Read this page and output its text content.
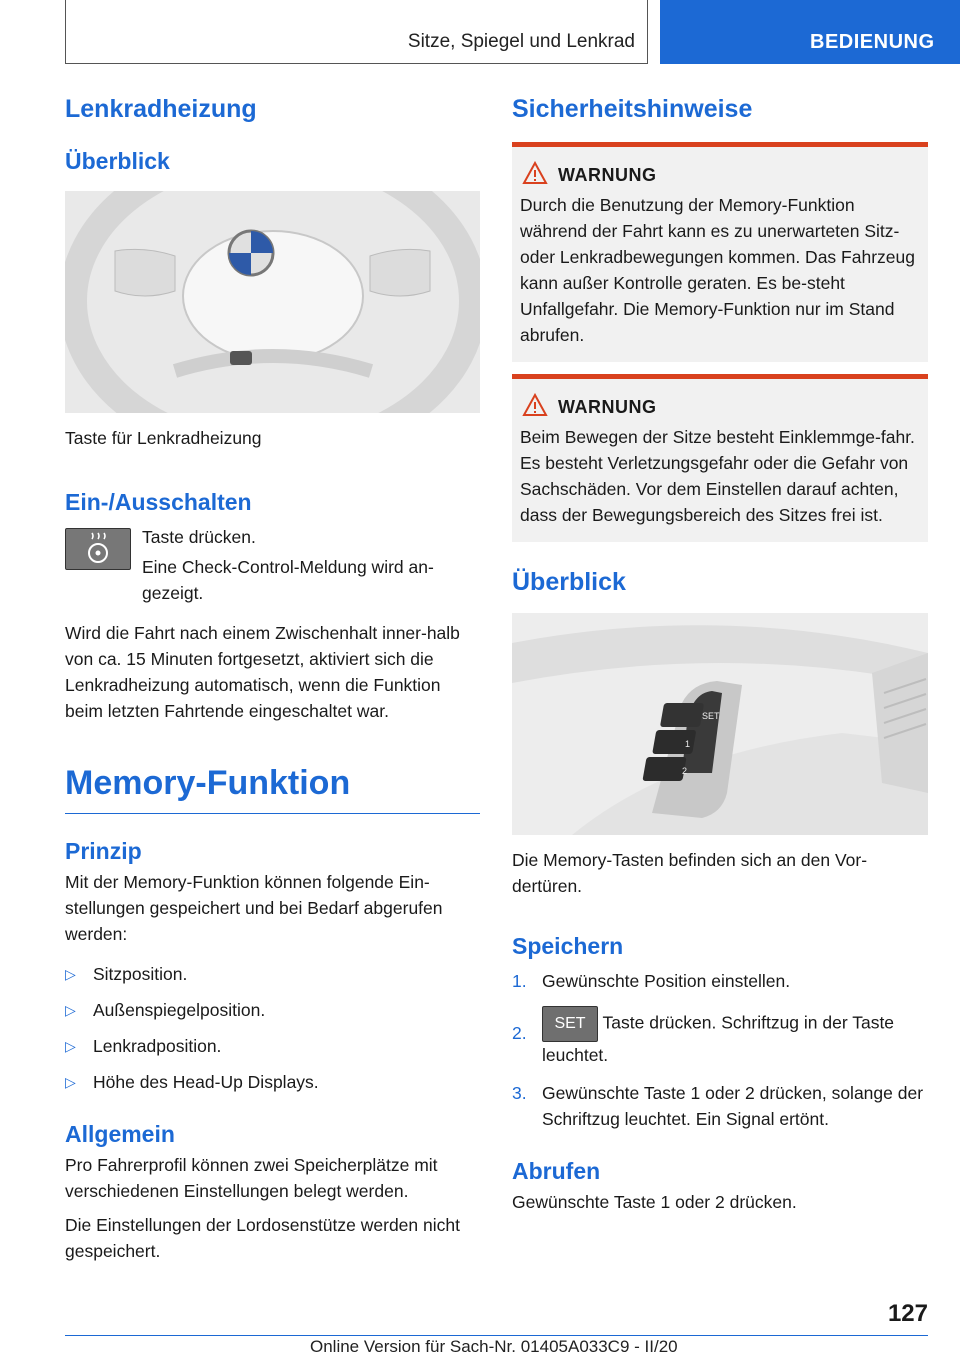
Sitze, Spiegel und Lenkrad	BEDIENUNG
Lenkradheizung
Überblick

Taste für Lenkradheizung

Ein-/Ausschalten

Taste drücken.

Eine Check-Control-Meldung wird an-gezeigt.

Wird die Fahrt nach einem Zwischenhalt inner-halb von ca. 15 Minuten fortgesetzt, aktiviert sich die Lenkradheizung automatisch, wenn die Funktion beim letzten Fahrtende eingeschaltet war.

Memory-Funktion
Prinzip

Mit der Memory-Funktion können folgende Ein-stellungen gespeichert und bei Bedarf abgerufen werden:

▷ Sitzposition.
▷ Außenspiegelposition.
▷ Lenkradposition.
▷ Höhe des Head-Up Displays.
Allgemein

Pro Fahrerprofil können zwei Speicherplätze mit verschiedenen Einstellungen belegt werden.

Die Einstellungen der Lordosenstütze werden nicht gespeichert.

Sicherheitshinweise
WARNUNG

Durch die Benutzung der Memory-Funktion während der Fahrt kann es zu unerwarteten Sitz- oder Lenkradbewegungen kommen. Das Fahrzeug kann außer Kontrolle geraten. Es be-steht Unfallgefahr. Die Memory-Funktion nur im Stand abrufen.

WARNUNG

Beim Bewegen der Sitze besteht Einklemmge-fahr. Es besteht Verletzungsgefahr oder die Gefahr von Sachschäden. Vor dem Einstellen darauf achten, dass der Bewegungsbereich des Sitzes frei ist.

Überblick
SET
1
2

Die Memory-Tasten befinden sich an den Vor-dertüren.

Speichern
1. Gewünschte Position einstellen.
2. SET Taste drücken. Schriftzug in der Taste leuchtet.
3. Gewünschte Taste 1 oder 2 drücken, solange der Schriftzug leuchtet. Ein Signal ertönt.
Abrufen

Gewünschte Taste 1 oder 2 drücken.

127
Online Version für Sach-Nr. 01405A033C9 - II/20
